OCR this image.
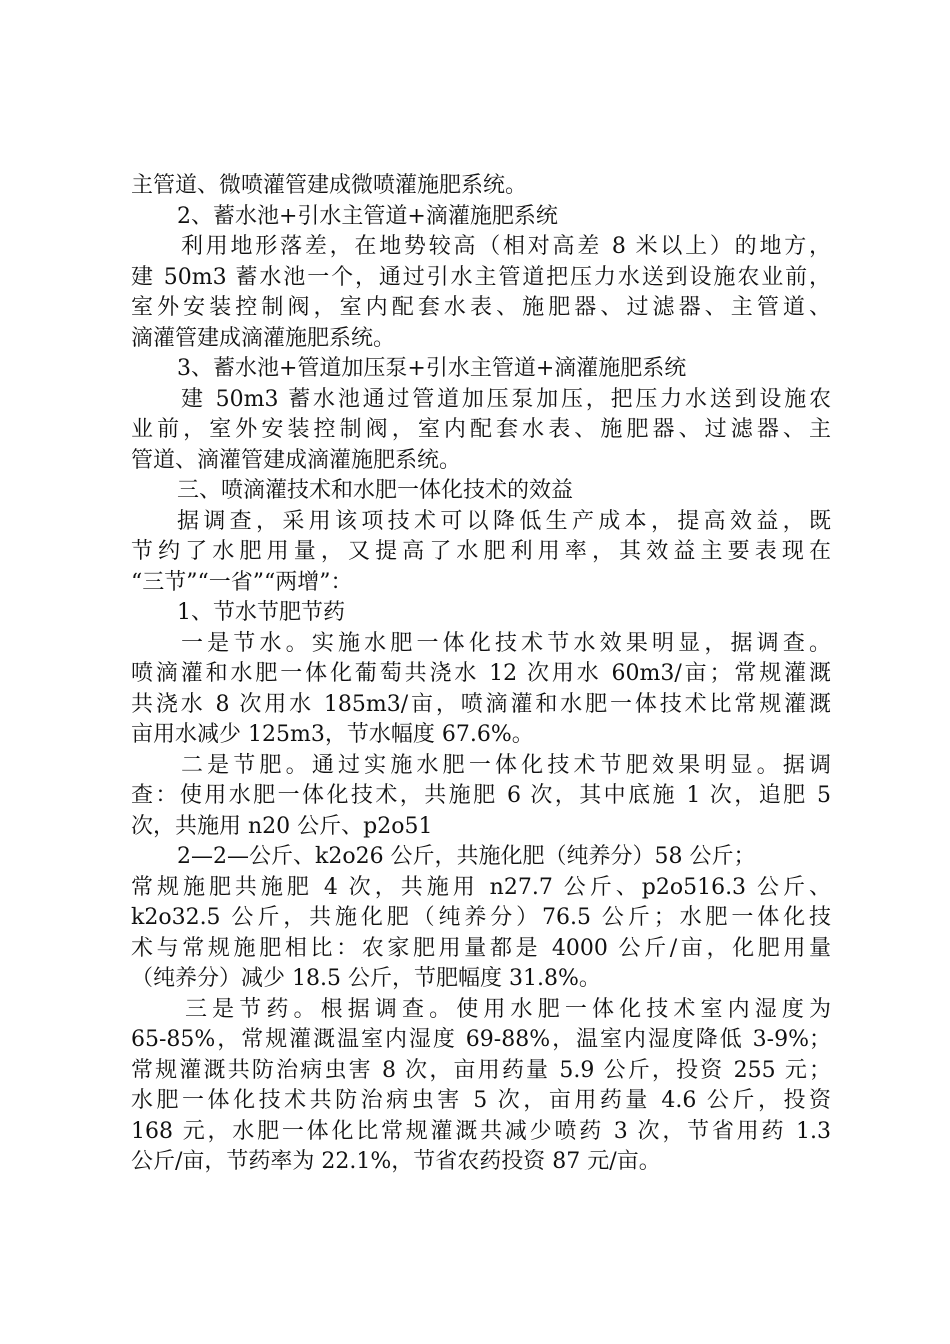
主管道、微喷灌管建成微喷灌施肥系统。
2、蓄水池+引水主管道+滴灌施肥系统
利用地形落差，在地势较高（相对高差 8 米以上）的地方，
建 50m3 蓄水池一个，通过引水主管道把压力水送到设施农业前，
室外安装控制阀，室内配套水表、施肥器、过滤器、主管道、
滴灌管建成滴灌施肥系统。
3、蓄水池+管道加压泵+引水主管道+滴灌施肥系统
建 50m3 蓄水池通过管道加压泵加压，把压力水送到设施农
业前，室外安装控制阀，室内配套水表、施肥器、过滤器、主
管道、滴灌管建成滴灌施肥系统。
三、喷滴灌技术和水肥一体化技术的效益
据调查，采用该项技术可以降低生产成本，提高效益，既
节约了水肥用量，又提高了水肥利用率，其效益主要表现在
“三节”“一省”“两增”：
1、节水节肥节药
一是节水。实施水肥一体化技术节水效果明显，据调查。
喷滴灌和水肥一体化葡萄共浇水 12 次用水 60m3/亩；常规灌溉
共浇水 8 次用水 185m3/亩，喷滴灌和水肥一体技术比常规灌溉
亩用水减少 125m3，节水幅度 67.6%。
二是节肥。通过实施水肥一体化技术节肥效果明显。据调
查：使用水肥一体化技术，共施肥 6 次，其中底施 1 次，追肥 5
次，共施用 n20 公斤、p2o51
2—2—公斤、k2o26 公斤，共施化肥（纯养分）58 公斤；
常规施肥共施肥 4 次，共施用 n27.7 公斤、p2o516.3 公斤、
k2o32.5 公斤，共施化肥（纯养分）76.5 公斤；水肥一体化技
术与常规施肥相比：农家肥用量都是 4000 公斤/亩，化肥用量
（纯养分）减少 18.5 公斤，节肥幅度 31.8%。
三是节药。根据调查。使用水肥一体化技术室内湿度为
65-85%，常规灌溉温室内湿度 69-88%，温室内湿度降低 3-9%；
常规灌溉共防治病虫害 8 次，亩用药量 5.9 公斤，投资 255 元；
水肥一体化技术共防治病虫害 5 次，亩用药量 4.6 公斤，投资
168 元，水肥一体化比常规灌溉共减少喷药 3 次，节省用药 1.3
公斤/亩，节药率为 22.1%，节省农药投资 87 元/亩。
